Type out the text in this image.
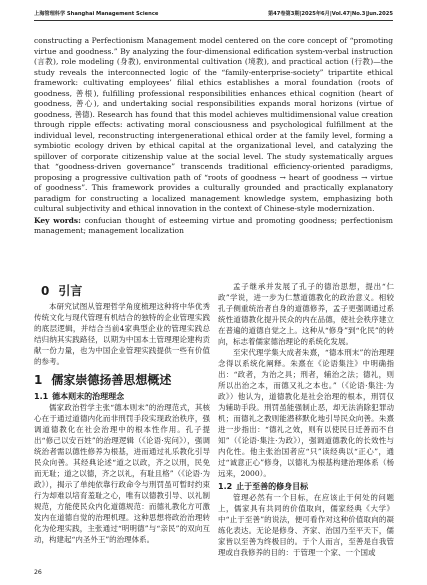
上海管理科学 Shanghai Management Science	第47卷第3期|2025年6月|Vol.47|No.3|Jun.2025

constructing a Perfectionism Management model centered on the core concept of “promoting virtue and goodness.” By analyzing the four-dimensional edification system-verbal instruction (言教), role modeling (身教), environmental cultivation (境教), and practical action (行教)—the study reveals the interconnected logic of the “family-enterprise-society” tripartite ethical framework: cultivating employees’ filial ethics establishes a moral foundation (roots of goodness, 善根), fulfilling professional responsibilities enhances ethical cognition (heart of goodness, 善心), and undertaking social responsibilities expands moral horizons (virtue of goodness, 善德). Research has found that this model achieves multidimensional value creation through ripple effects: activating moral consciousness and psychological fulfillment at the individual level, reconstructing intergenerational ethical order at the family level, forming a symbiotic ecology driven by ethical capital at the organizational level, and catalyzing the spillover of corporate citizenship value at the social level. The study systematically argues that “goodness-driven governance” transcends traditional efficiency-oriented paradigms, proposing a progressive cultivation path of “roots of goodness → heart of goodness → virtue of goodness”. This framework provides a culturally grounded and practically explanatory paradigm for constructing a localized management knowledge system, emphasizing both cultural subjectivity and ethical innovation in the context of Chinese-style modernization.

Key words: confucian thought of esteeming virtue and promoting goodness; perfectionism management; management localization

0 引言

本研究试图从管理哲学角度梳理这种将中华优秀传统文化与现代管理有机结合的独特的企业管理实践的底层逻辑，并结合当前4家典型企业的管理实践总结归纳其实践路径，以期为中国本土管理理论建构贡献一份力量，也为中国企业管理实践提供一些有价值的参考。

1 儒家崇德扬善思想概述
1.1 德本则末的治理理念

儒家政治哲学主张“德本则末”的治理范式，其核心在于通过道德内化而非刑罚手段实现政治秩序，强调道德教化在社会治理中的根本性作用。孔子提出“修己以安百姓”的治理逻辑（《论语·宪问》），强调统治者需以德性修养为根基，进而通过礼乐教化引导民众向善。其经典论述“道之以政，齐之以刑，民免而无耻；道之以德，齐之以礼，有耻且格”（《论语·为政》），揭示了单纯依靠行政命令与刑罚虽可暂时约束行为却难以培育羞耻之心，唯有以德教引导、以礼制规范，方能使民众内化道德规范：而德礼教化方可激发内在道德自觉的治理机理。这种思想将政治治理转化为伦理实践，主张通过“明明德”与“亲民”的双向互动，构建起“内圣外王”的治理体系。

孟子继承并发展了孔子的德治思想，提出“仁政”学说，进一步为仁慧道德教化的政治意义。相较孔子侧重统治者自身的道德修养，孟子更强调通过系统性道德教化提升民众的内在品德，使社会秩序建立在普遍的道德自觉之上。这种从“修身”到“化民”的转向，标志着儒家德治理论的系统化发展。

至宋代理学集大成者朱熹，“德本刑末”的治理理念得以系统化阐释。朱熹在《论语集注》中明确指出：“政者，为治之具；刑者，辅治之法；德礼，则所以出治之本，而德又礼之本也。”（《论语·集注·为政》）他认为，道德教化是社会治理的根本，刑罚仅为辅助手段。刑罚虽能强制止恶，却无法消除犯罪动机；而德礼之教则能潜移默化地引导民众向善。朱熹进一步指出：“德礼之效，则有以使民日迁善而不自知”（《论语·集注·为政》），强调道德教化的长效性与内化性。他主张治国者应“只”读经典以“正心”，通过“诚意正心”修身，以德礼为根基构建治理体系（杨远来，2000）。

1.2 止于至善的修身目标

管理必然有一个目标，在应该止于何处的问题上，儒家具有共同的价值取向，儒家经典《大学》中“止于至善”的说法，便可看作对这种价值取向的凝练化表达。无论是修身、齐家、治国乃至平天下，儒家皆以至善为终极目的。于个人而言，至善是自我管理或自我修养的目的：于管理一个家、一个国或

26
